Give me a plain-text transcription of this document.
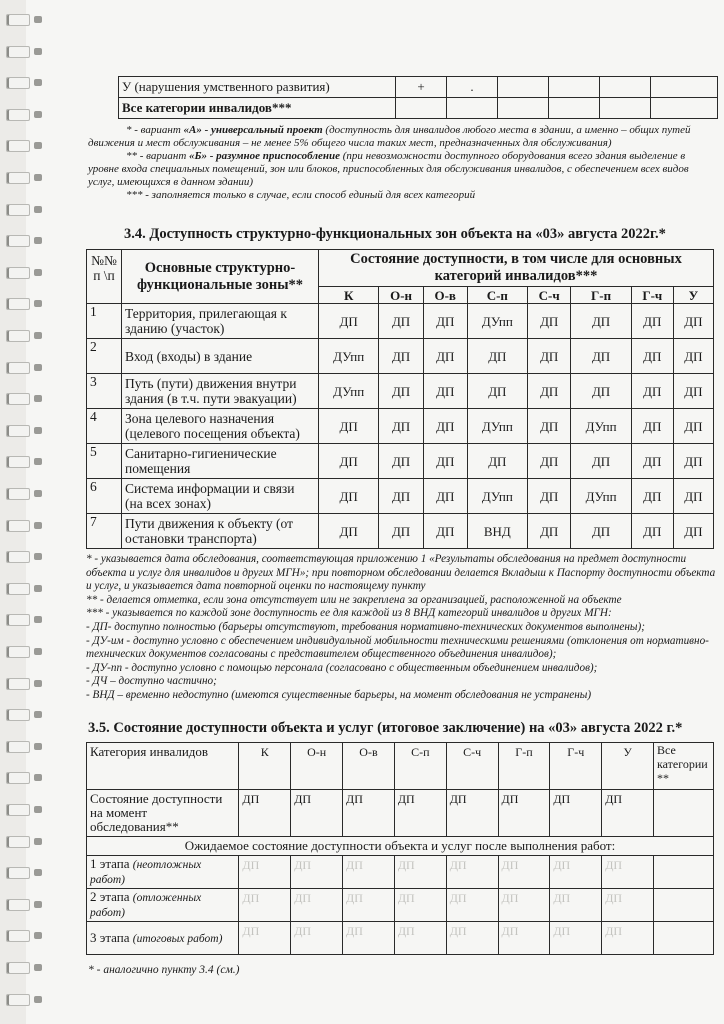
У (нарушения умственного развития)	+	.				
Все категории инвалидов***						
* - вариант «А» - универсальный проект (доступность для инвалидов любого места в здании, а именно – общих путей движения и мест обслуживания – не менее 5% общего числа таких мест, предназначенных для обслуживания)
** - вариант «Б» - разумное приспособление (при невозможности доступного оборудования всего здания выделение в уровне входа специальных помещений, зон или блоков, приспособленных для обслуживания инвалидов, с обеспечением всех видов услуг, имеющихся в данном здании)
*** - заполняется только в случае, если способ единый для всех категорий
3.4. Доступность структурно-функциональных зон объекта на «03» августа 2022г.*
№№ п \п	Основные структурно-функциональные зоны**	Состояние доступности, в том числе для основных категорий инвалидов***							
		К	О-н	О-в	С-п	С-ч	Г-п	Г-ч	У
1	Территория, прилегающая к зданию (участок)	ДП	ДП	ДП	ДУпп	ДП	ДП	ДП	ДП
2	Вход (входы) в здание	ДУпп	ДП	ДП	ДП	ДП	ДП	ДП	ДП
3	Путь (пути) движения внутри здания (в т.ч. пути эвакуации)	ДУпп	ДП	ДП	ДП	ДП	ДП	ДП	ДП
4	Зона целевого назначения (целевого посещения объекта)	ДП	ДП	ДП	ДУпп	ДП	ДУпп	ДП	ДП
5	Санитарно-гигиенические помещения	ДП	ДП	ДП	ДП	ДП	ДП	ДП	ДП
6	Система информации и связи (на всех зонах)	ДП	ДП	ДП	ДУпп	ДП	ДУпп	ДП	ДП
7	Пути движения к объекту (от остановки транспорта)	ДП	ДП	ДП	ВНД	ДП	ДП	ДП	ДП
* - указывается дата обследования, соответствующая приложению 1 «Результаты обследования на предмет доступности объекта и услуг для инвалидов и других МГН»; при повторном обследовании делается Вкладыш к Паспорту доступности объекта и услуг, и указывается дата повторной оценки по настоящему пункту
** - делается отметка, если зона отсутствует или не закреплена за организацией, расположенной на объекте
*** - указывается по каждой зоне доступность ее для каждой из 8 ВНД категорий инвалидов и других МГН:
- ДП- доступно полностью (барьеры отсутствуют, требования нормативно-технических документов выполнены);
- ДУ-им - доступно условно с обеспечением индивидуальной мобильности техническими решениями (отклонения от нормативно-технических документов согласованы с представителем общественного объединения инвалидов);
- ДУ-пп - доступно условно с помощью персонала (согласовано с общественным объединением инвалидов);
- ДЧ – доступно частично;
- ВНД – временно недоступно (имеются существенные барьеры, на момент обследования не устранены)
3.5. Состояние доступности объекта и услуг (итоговое заключение) на «03» августа 2022 г.*
Категория инвалидов	К	О-н	О-в	С-п	С-ч	Г-п	Г-ч	У	Все категории **
Состояние доступности на момент обследования**	ДП	ДП	ДП	ДП	ДП	ДП	ДП	ДП	
Ожидаемое состояние доступности объекта и услуг после выполнения работ:									
1 этапа (неотложных работ)	ДП	ДП	ДП	ДП	ДП	ДП	ДП	ДП	
2 этапа (отложенных работ)	ДП	ДП	ДП	ДП	ДП	ДП	ДП	ДП	
3 этапа (итоговых работ)	ДП	ДП	ДП	ДП	ДП	ДП	ДП	ДП	
* - аналогично пункту 3.4 (см.)
